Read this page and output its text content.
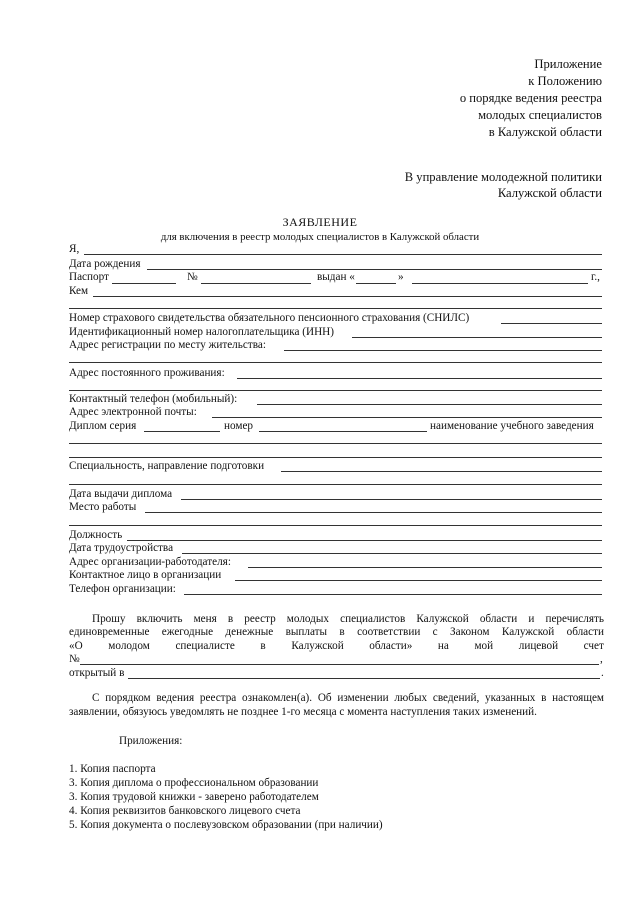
Приложение
к Положению
о порядке ведения реестра
молодых специалистов
в Калужской области
В управление молодежной политики
Калужской области
ЗАЯВЛЕНИЕ
для включения в реестр молодых специалистов в Калужской области
Я,
Дата рождения
Паспорт	№	выдан «	»	г.,
Кем
Номер страхового свидетельства обязательного пенсионного страхования (СНИЛС)
Идентификационный номер налогоплательщика (ИНН)
Адрес регистрации по месту жительства:
Адрес постоянного проживания:
Контактный телефон (мобильный):
Адрес электронной почты:
Диплом серия	номер	наименование учебного заведения
Специальность, направление подготовки
Дата выдачи диплома
Место работы
Должность
Дата трудоустройства
Адрес организации-работодателя:
Контактное лицо в организации
Телефон организации:
Прошу включить меня в реестр молодых специалистов Калужской области и перечислять
единовременные ежегодные денежные выплаты в соответствии с Законом Калужской области
«О молодом специалисте в Калужской области» на мой лицевой счет
№	,
открытый в	.
С порядком ведения реестра ознакомлен(а). Об изменении любых сведений, указанных в настоящем
заявлении, обязуюсь уведомлять не позднее 1-го месяца с момента наступления таких изменений.
Приложения:
1. Копия паспорта
3. Копия диплома о профессиональном образовании
3. Копия трудовой книжки - заверено работодателем
4. Копия реквизитов банковского лицевого счета
5. Копия документа о послевузовском образовании (при наличии)
